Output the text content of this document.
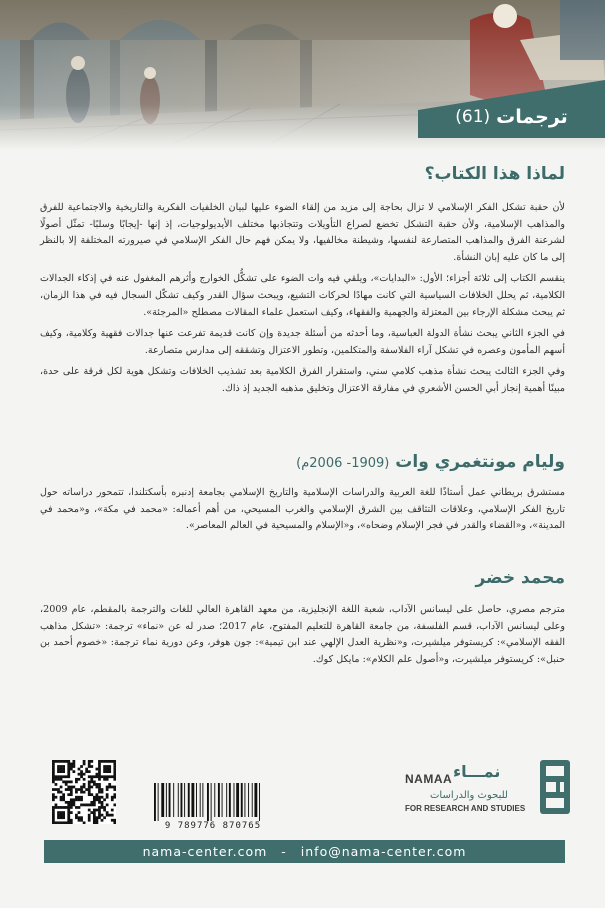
ترجمات
(61)
لماذا هذا الكتاب؟

لأن حقبة تشكل الفكر الإسلامي لا تزال بحاجة إلى مزيد من إلقاء الضوء عليها لبيان الخلفيات الفكرية والتاريخية والاجتماعية للفرق والمذاهب الإسلامية، ولأن حقبة التشكل تخضع لصراع التأويلات وتتجاذبها مختلف الأيديولوجيات، إذ إنها -إيجابًا وسلبًا- تمثّل أصولًا لشرعنة الفرق والمذاهب المتصارعة لنفسها، وشيطنة مخالفيها، ولا يمكن فهم حال الفكر الإسلامي في صيرورته المختلفة إلا بالنظر إلى ما كان عليه إبان النشأة.

ينقسم الكتاب إلى ثلاثة أجزاء؛ الأول: «البدايات»، ويلقي فيه وات الضوء على تشكُّل الخوارج وأثرهم المغفول عنه في إذكاء الجدالات الكلامية، ثم يحلل الخلافات السياسية التي كانت مهادًا لحركات التشيع، ويبحث سؤال القدر وكيف تشكّل السجال فيه في هذا الزمان، ثم يبحث مشكلة الإرجاء بين المعتزلة والجهمية والفقهاء، وكيف استعمل علماء المقالات مصطلح «المرجئة».

في الجزء الثاني يبحث نشأة الدولة العباسية، وما أحدثه من أسئلة جديدة وإن كانت قديمة تفرعت عنها جدالات فقهية وكلامية، وكيف أسهم المأمون وعصره في تشكل آراء الفلاسفة والمتكلمين، وتطور الاعتزال وتشققه إلى مدارس متصارعة.

وفي الجزء الثالث يبحث نشأة مذهب كلامي سني، واستقرار الفرق الكلامية بعد تشذيب الخلافات وتشكل هوية لكل فرقة على حدة، مبينًا أهمية إنجاز أبي الحسن الأشعري في مفارقة الاعتزال وتخليق مذهبه الجديد إذ ذاك.

وليام مونتغمري وات (1909- 2006م)

مستشرق بريطاني عمل أستاذًا للغة العربية والدراسات الإسلامية والتاريخ الإسلامي بجامعة إدنبره بأسكتلندا، تتمحور دراساته حول تاريخ الفكر الإسلامي، وعلاقات التثاقف بين الشرق الإسلامي والغرب المسيحي، من أهم أعماله: «محمد في مكة»، و«محمد في المدينة»، و«القضاء والقدر في فجر الإسلام وضحاه»، و«الإسلام والمسيحية في العالم المعاصر».

محمد خضر

مترجم مصري، حاصل على ليسانس الآداب، شعبة اللغة الإنجليزية، من معهد القاهرة العالي للغات والترجمة بالمقطم، عام 2009، وعلى ليسانس الآداب، قسم الفلسفة، من جامعة القاهرة للتعليم المفتوح، عام 2017؛ صدر له عن «نماء» ترجمة: «تشكل مذاهب الفقه الإسلامي»: كريستوفر ميلشيرت، و«نظرية العدل الإلهي عند ابن تيمية»: جون هوفر، وعن دورية نماء ترجمة: «خصوم أحمد بن حنبل»: كريستوفر ميلشيرت، و«أصول علم الكلام»: مايكل كوك.

9 789776 870765
NAMAA نمـــاء
للبحوث والدراسات
FOR RESEARCH AND STUDIES
nama-center.com - info@nama-center.com
